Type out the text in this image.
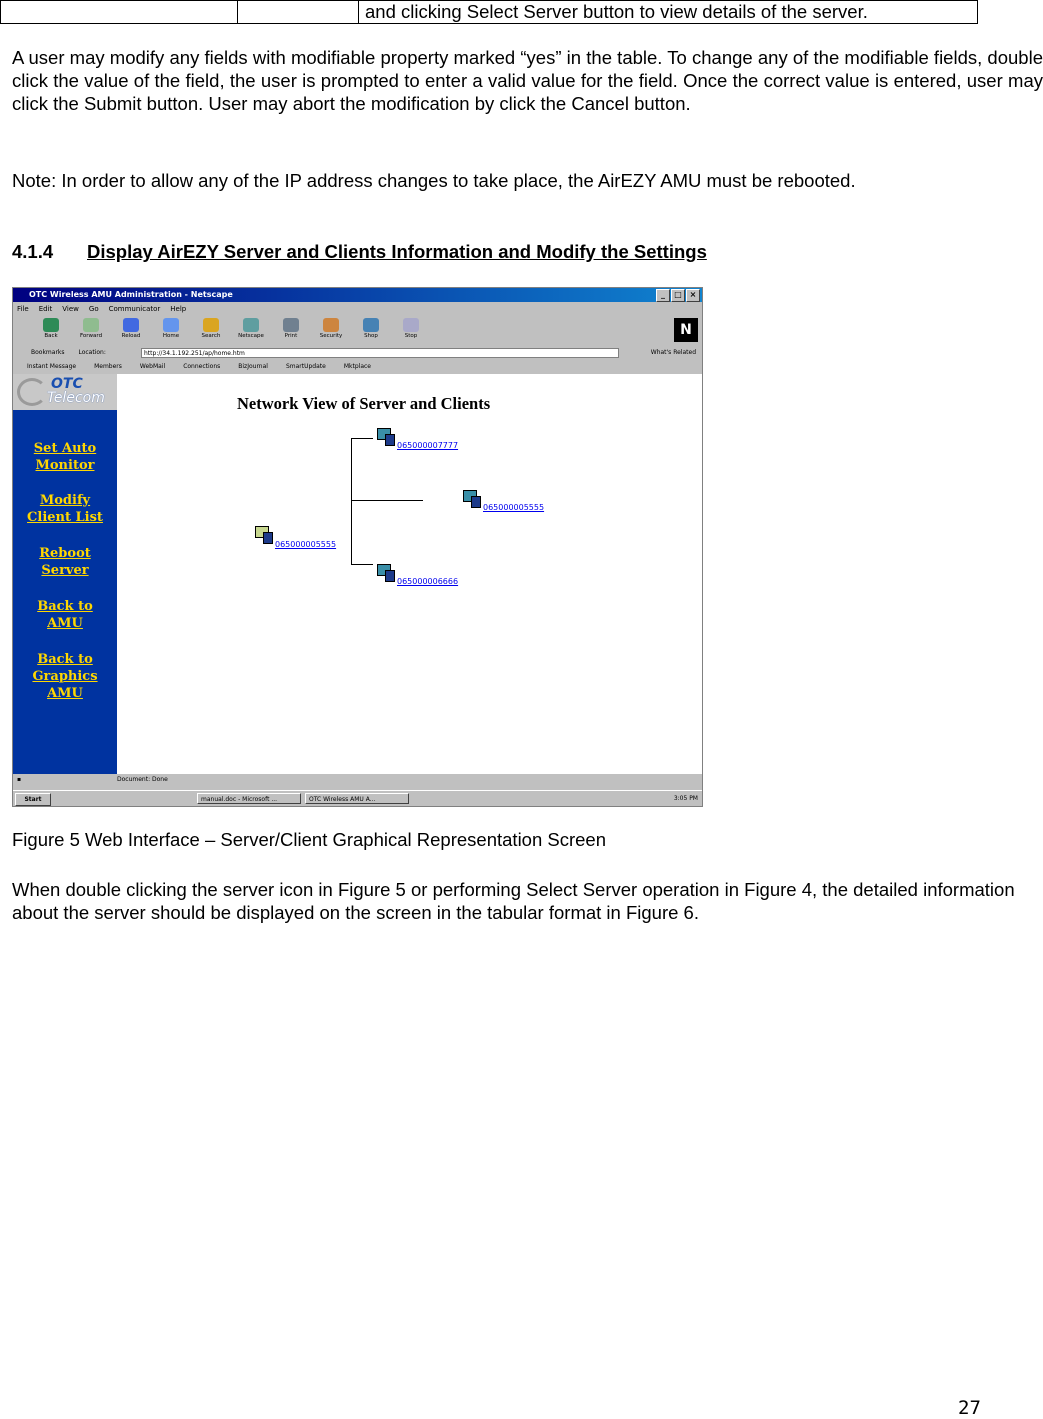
		and clicking Select Server button to view details of the server.
A user may modify any fields with modifiable property marked “yes” in the table. To change any of the modifiable fields, double click the value of the field, the user is prompted to enter a valid value for the field. Once the correct value is entered, user may click the Submit button. User may abort the modification by click the Cancel button.
Note: In order to allow any of the IP address changes to take place, the AirEZY AMU must be rebooted.
4.1.4 Display AirEZY Server and Clients Information and Modify the Settings
OTC Wireless AMU Administration - Netscape	_	□ ×
File Edit View Go Communicator Help
Back	Forward	Reload	Home	Search	Netscape	Print	Security	Shop	Stop	N
Bookmarks Location:	http://34.1.192.251/ap/home.htm	What's Related
Instant Message	Members	WebMail	Connections	BizJournal	SmartUpdate	Mktplace
OTC
Telecom
Set Auto
Monitor
Modify
Client List
Reboot
Server
Back to
AMU
Back to
Graphics
AMU
Network View of Server and Clients
065000005555
065000007777
065000005555
065000006666
▪	Document: Done
Start	manual.doc - Microsoft ...	OTC Wireless AMU A...	3:05 PM
Figure 5 Web Interface – Server/Client Graphical Representation Screen
When double clicking the server icon in Figure 5 or performing Select Server operation in Figure 4, the detailed information about the server should be displayed on the screen in the tabular format in Figure 6.
27
